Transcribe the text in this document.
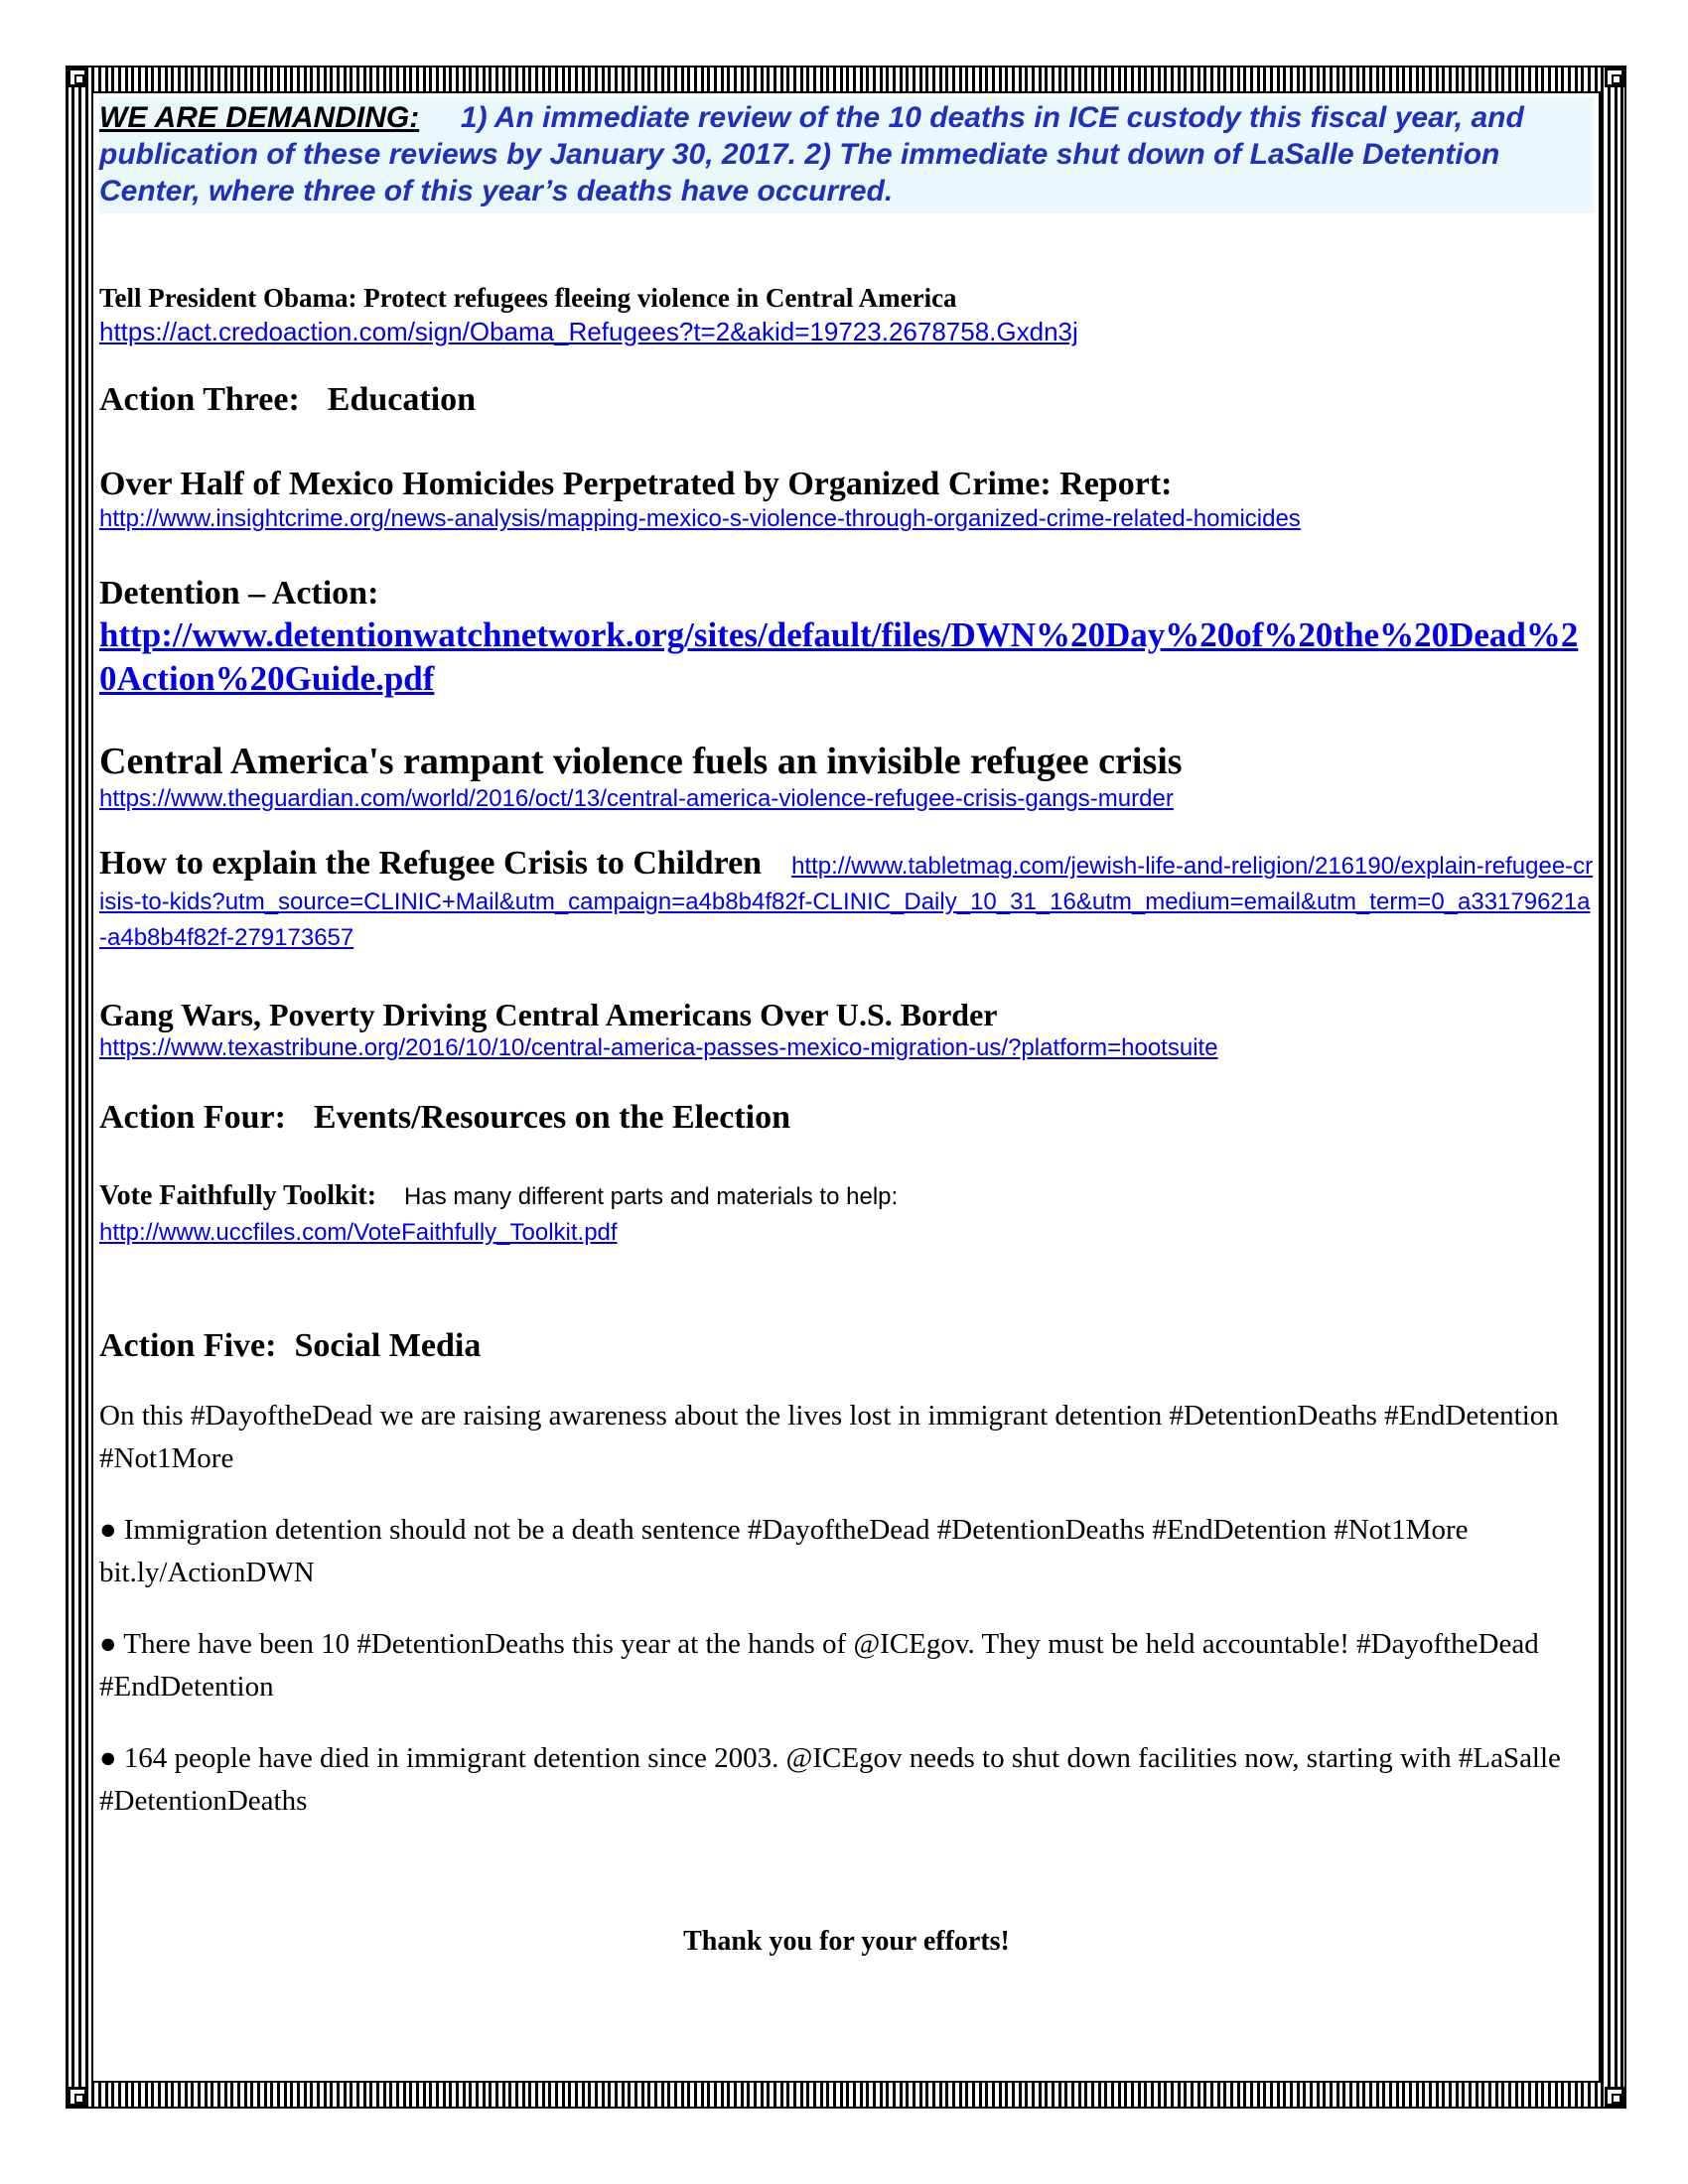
WE ARE DEMANDING: 1) An immediate review of the 10 deaths in ICE custody this fiscal year, and publication of these reviews by January 30, 2017. 2) The immediate shut down of LaSalle Detention Center, where three of this year’s deaths have occurred.
Tell President Obama: Protect refugees fleeing violence in Central America
https://act.credoaction.com/sign/Obama_Refugees?t=2&akid=19723.2678758.Gxdn3j
Action Three: Education
Over Half of Mexico Homicides Perpetrated by Organized Crime: Report:
http://www.insightcrime.org/news-analysis/mapping-mexico-s-violence-through-organized-crime-related-homicides
Detention – Action:
http://www.detentionwatchnetwork.org/sites/default/files/DWN%20Day%20of%20the%20Dead%20Action%20Guide.pdf
Central America's rampant violence fuels an invisible refugee crisis
https://www.theguardian.com/world/2016/oct/13/central-america-violence-refugee-crisis-gangs-murder
How to explain the Refugee Crisis to Children http://www.tabletmag.com/jewish-life-and-religion/216190/explain-refugee-crisis-to-kids?utm_source=CLINIC+Mail&utm_campaign=a4b8b4f82f-CLINIC_Daily_10_31_16&utm_medium=email&utm_term=0_a33179621a-a4b8b4f82f-279173657
Gang Wars, Poverty Driving Central Americans Over U.S. Border
https://www.texastribune.org/2016/10/10/central-america-passes-mexico-migration-us/?platform=hootsuite
Action Four: Events/Resources on the Election
Vote Faithfully Toolkit: Has many different parts and materials to help:
http://www.uccfiles.com/VoteFaithfully_Toolkit.pdf
Action Five: Social Media
On this #DayoftheDead we are raising awareness about the lives lost in immigrant detention #DetentionDeaths #EndDetention #Not1More
● Immigration detention should not be a death sentence #DayoftheDead #DetentionDeaths #EndDetention #Not1More bit.ly/ActionDWN
● There have been 10 #DetentionDeaths this year at the hands of @ICEgov. They must be held accountable! #DayoftheDead #EndDetention
● 164 people have died in immigrant detention since 2003. @ICEgov needs to shut down facilities now, starting with #LaSalle #DetentionDeaths
Thank you for your efforts!
